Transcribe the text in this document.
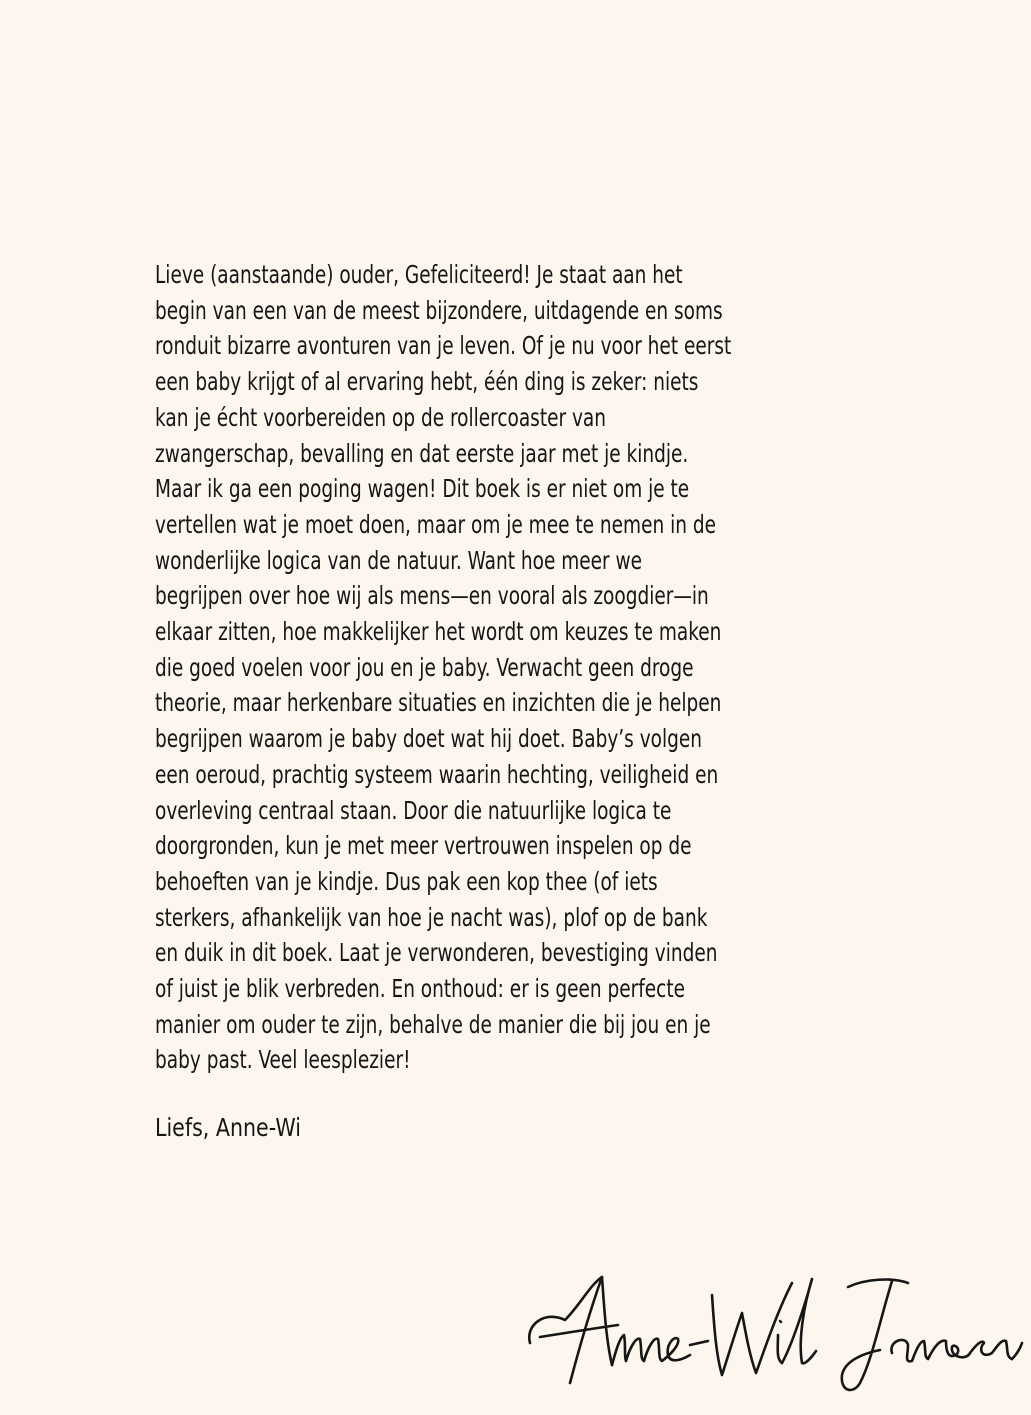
Lieve (aanstaande) ouder, Gefeliciteerd! Je staat aan het
begin van een van de meest bijzondere, uitdagende en soms
ronduit bizarre avonturen van je leven. Of je nu voor het eerst
een baby krijgt of al ervaring hebt, één ding is zeker: niets
kan je écht voorbereiden op de rollercoaster van
zwangerschap, bevalling en dat eerste jaar met je kindje.
Maar ik ga een poging wagen! Dit boek is er niet om je te
vertellen wat je moet doen, maar om je mee te nemen in de
wonderlijke logica van de natuur. Want hoe meer we
begrijpen over hoe wij als mens—en vooral als zoogdier—in
elkaar zitten, hoe makkelijker het wordt om keuzes te maken
die goed voelen voor jou en je baby. Verwacht geen droge
theorie, maar herkenbare situaties en inzichten die je helpen
begrijpen waarom je baby doet wat hij doet. Baby’s volgen
een oeroud, prachtig systeem waarin hechting, veiligheid en
overleving centraal staan. Door die natuurlijke logica te
doorgronden, kun je met meer vertrouwen inspelen op de
behoeften van je kindje. Dus pak een kop thee (of iets
sterkers, afhankelijk van hoe je nacht was), plof op de bank
en duik in dit boek. Laat je verwonderen, bevestiging vinden
of juist je blik verbreden. En onthoud: er is geen perfecte
manier om ouder te zijn, behalve de manier die bij jou en je
baby past. Veel leesplezier!
Liefs, Anne-Wi
